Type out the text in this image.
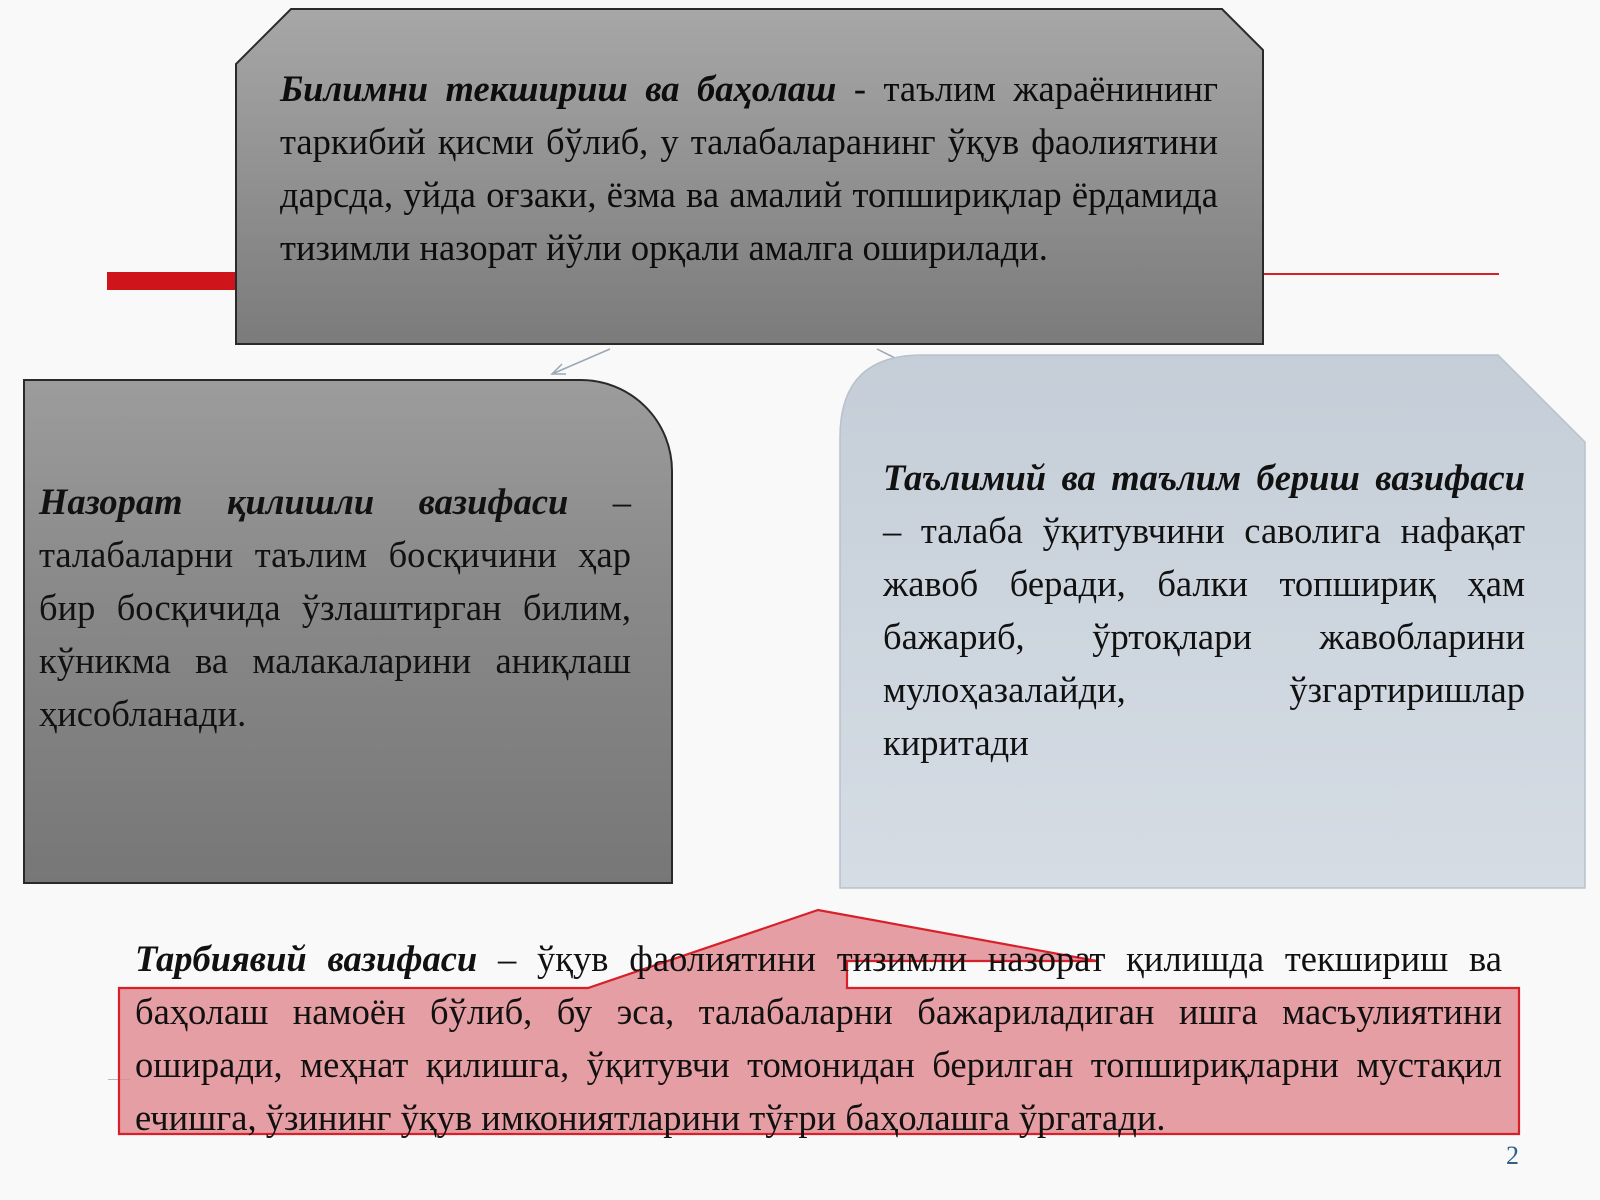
Билимни текшириш ва баҳолаш - таълим жараёнининг таркибий қисми бўлиб, у талабаларанинг ўқув фаолиятини дарсда, уйда оғзаки, ёзма ва амалий топшириқлар ёрдамида тизимли назорат йўли орқали амалга оширилади.

Назорат қилишли вазифаси – талабаларни таълим босқичини ҳар бир босқичида ўзлаштирган билим, кўникма ва малакаларини аниқлаш ҳисобланади.

Таълимий ва таълим бериш вазифаси – талаба ўқитувчини саволига нафақат жавоб беради, балки топшириқ ҳам бажариб, ўртоқлари жавобларини мулоҳазалайди, ўзгартиришлар киритади

Тарбиявий вазифаси – ўқув фаолиятини тизимли назорат қилишда текшириш ва баҳолаш намоён бўлиб, бу эса, талабаларни бажариладиган ишга масъулиятини оширади, меҳнат қилишга, ўқитувчи томонидан берилган топшириқларни мустақил ечишга, ўзининг ўқув имкониятларини тўғри баҳолашга ўргатади.

2
